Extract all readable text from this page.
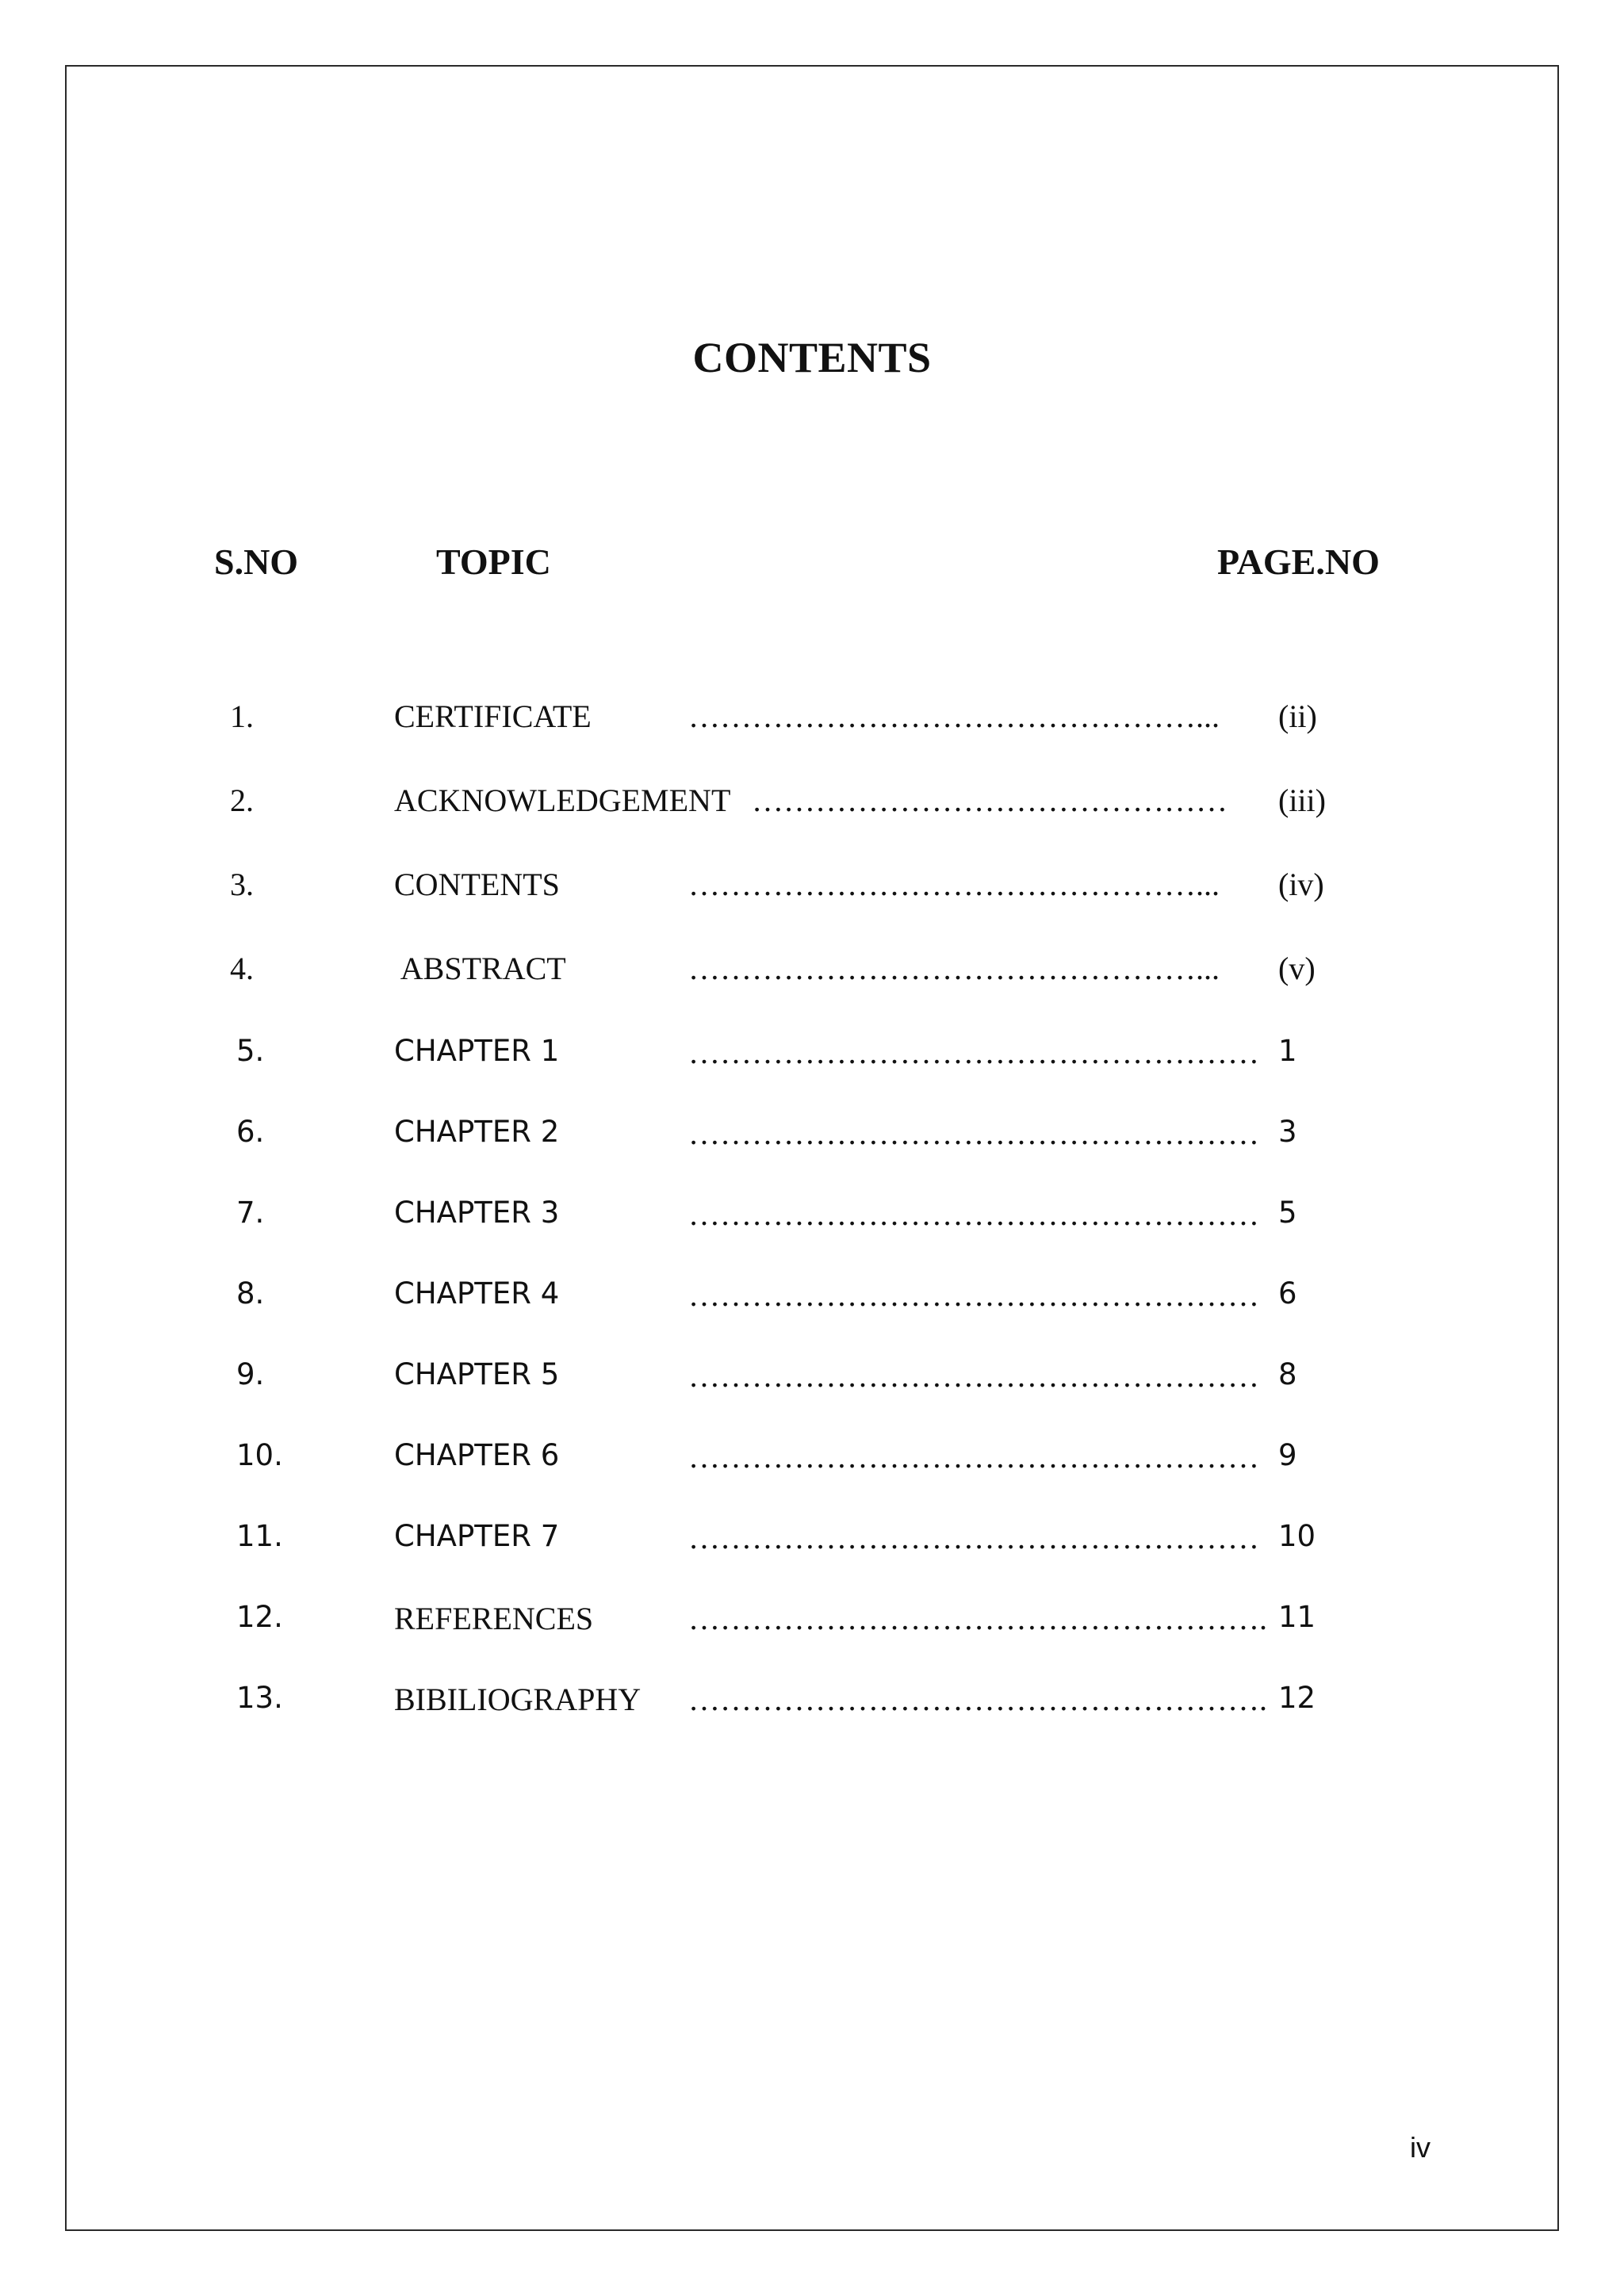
CONTENTS
S.NO	TOPIC	PAGE.NO
1.	CERTIFICATE	…………………………………………... (ii)
2.	ACKNOWLEDGEMENT ……………………………………… (iii)
3.	CONTENTS	…………………………………………... (iv)
4.	ABSTRACT	…………………………………………... (v)
5.	CHAPTER 1	……………………………………………… 1
6.	CHAPTER 2	……………………………………………… 3
7.	CHAPTER 3	……………………………………………… 5
8.	CHAPTER 4	……………………………………………… 6
9.	CHAPTER 5	……………………………………………… 8
10.	CHAPTER 6	……………………………………………… 9
11.	CHAPTER 7	……………………………………………… 10
12.	REFERENCES	………………………………………………. 11
13.	BIBILIOGRAPHY ………………………………………………. 12
iv
